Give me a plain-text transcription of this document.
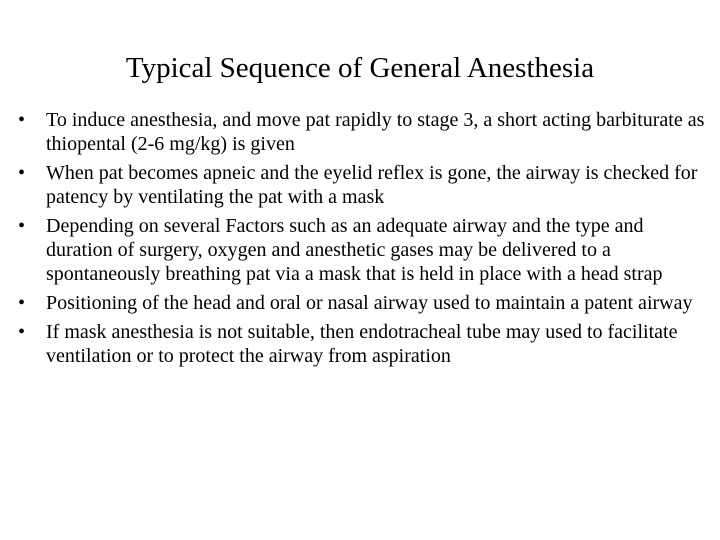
Typical Sequence of General Anesthesia
•	To induce anesthesia, and move pat rapidly to stage 3, a short acting barbiturate as thiopental (2-6 mg/kg) is given
•	When pat becomes apneic and the eyelid reflex is gone, the airway is checked for patency by ventilating the pat with a mask
•	Depending on several Factors such as an adequate airway and the type and duration of surgery, oxygen and anesthetic gases may be delivered to a spontaneously breathing pat via a mask that is held in place with a head strap
•	Positioning of the head and oral or nasal airway used to maintain a patent airway
•	If mask anesthesia is not suitable, then endotracheal tube may used to facilitate ventilation or to protect the airway from aspiration
